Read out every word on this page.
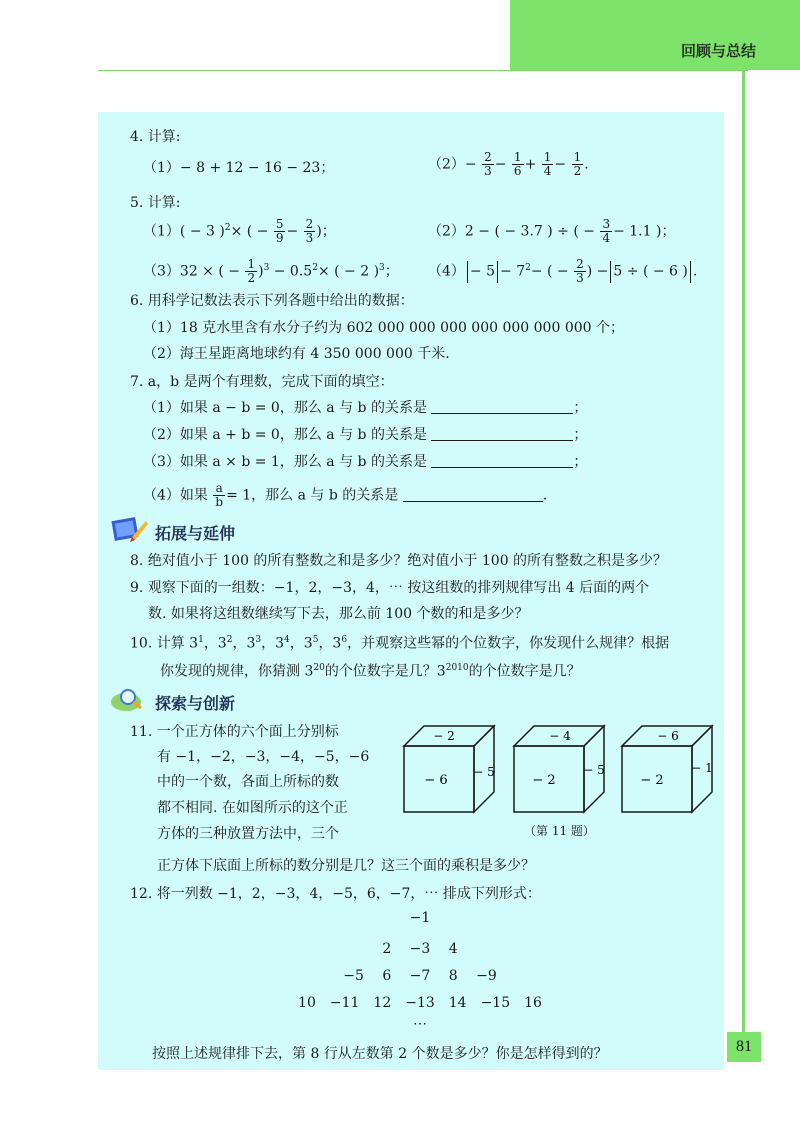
回顾与总结
81
4. 计算:
（1）− 8 + 12 − 16 − 23；	$(2)- \frac{2}{3} - \frac{1}{6} + \frac{1}{4} - \frac{1}{2}$ .
5. 计算:
（1）( − 3 )$^2$× ( − $\frac{5}{9} - \frac{2}{3}$ )；	（2）2 − ( − 3.7 ) ÷ ( − $\frac{3}{4} - 1.1$ )；
（3）32 × ( − $\frac{1}{2} )^3 - 0.5^2\times$ ( − 2 )$^3$； $(4) - 5 - 7^2-$ ( − $\frac{2}{3}$ ) − 5 ÷ ( − 6 ) .
6. 用科学记数法表示下列各题中给出的数据：
（1）18 克水里含有水分子约为 602 000 000 000 000 000 000 000 个；
（2）海王星距离地球约有 4 350 000 000 千米.
7. a，b 是两个有理数，完成下面的填空：
（1）如果 a − b = 0，那么 a 与 b 的关系是	；
（2）如果 a + b = 0，那么 a 与 b 的关系是	；
（3）如果 a × b = 1，那么 a 与 b 的关系是	；
（4）如果 $\frac{a}{b} = 1$，那么 a 与 b 的关系是	.
拓展与延伸
8. 绝对值小于 100 的所有整数之和是多少？绝对值小于 100 的所有整数之积是多少？
9. 观察下面的一组数：−1，2，−3，4，⋯ 按这组数的排列规律写出 4 后面的两个
数. 如果将这组数继续写下去，那么前 100 个数的和是多少？
10. 计算 $3^1$，$3^2$，$3^3$，$3^4$，$3^5$，$3^6$，并观察这些幂的个位数字，你发现什么规律？根据
你发现的规律，你猜测 $3^{20}$的个位数字是几？$3^{2010}$的个位数字是几？
探索与创新
11. 一个正方体的六个面上分别标
有 −1，−2，−3，−4，−5，−6
中的一个数，各面上所标的数
都不相同. 在如图所示的这个正
方体的三种放置方法中，三个
正方体下底面上所标的数分别是几？这三个面的乘积是多少？
− 2
− 6
− 5
− 4
− 2
− 5
− 6
− 2
− 1
（第 11 题）
12. 将一列数 −1，2，−3，4，−5，6，−7，⋯ 排成下列形式：
−1
2　 −3　 4
−5　 6　 −7　 8　 −9
10　−11　12　−13　14　−15　16
⋯
按照上述规律排下去，第 8 行从左数第 2 个数是多少？你是怎样得到的？
